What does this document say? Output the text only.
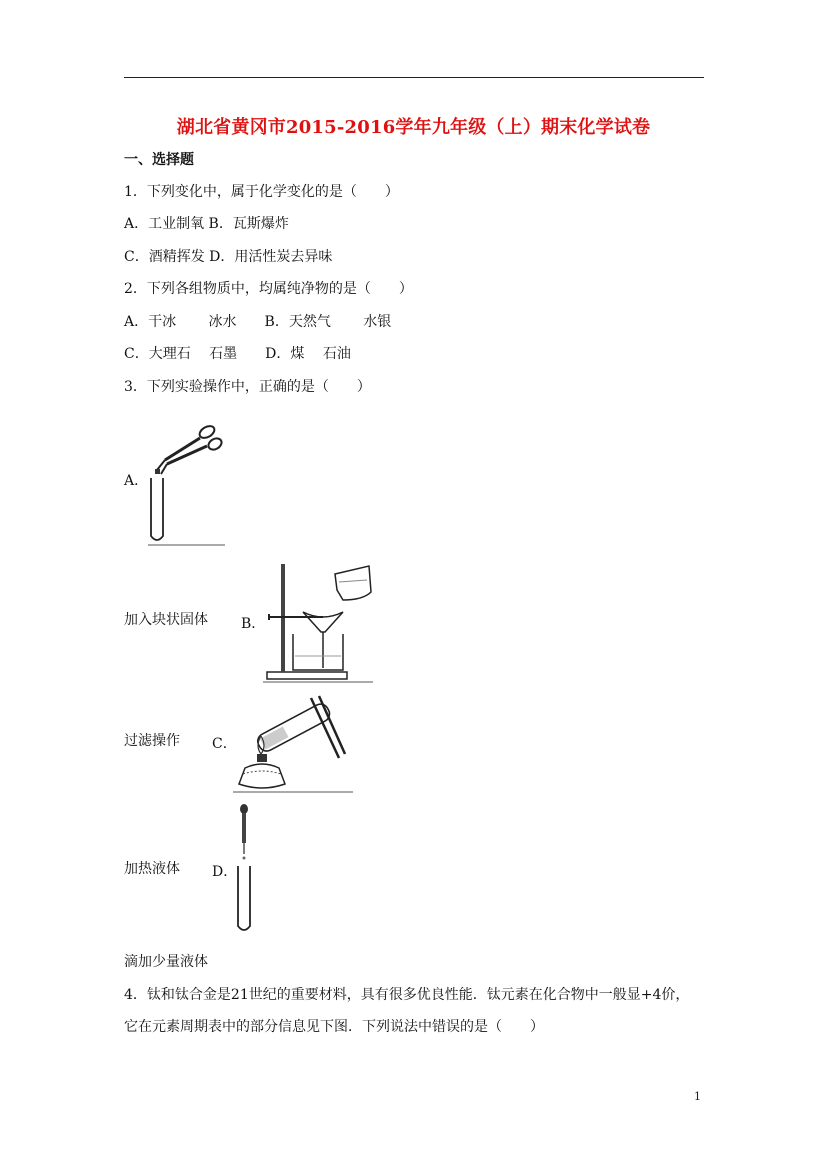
湖北省黄冈市2015-2016学年九年级（上）期末化学试卷
一、选择题
1．下列变化中，属于化学变化的是（　　）
A．工业制氧 B．瓦斯爆炸
C．酒精挥发 D．用活性炭去异味
2．下列各组物质中，均属纯净物的是（　　）
A．干冰　　 冰水　　B．天然气　　 水银
C．大理石　 石墨　　D．煤　 石油
3．下列实验操作中，正确的是（　　）
A．
加入块状固体 B．
过滤操作 C．
加热液体 D．
滴加少量液体
4．钛和钛合金是21世纪的重要材料，具有很多优良性能．钛元素在化合物中一般显+4价，
它在元素周期表中的部分信息见下图．下列说法中错误的是（　　）
1
